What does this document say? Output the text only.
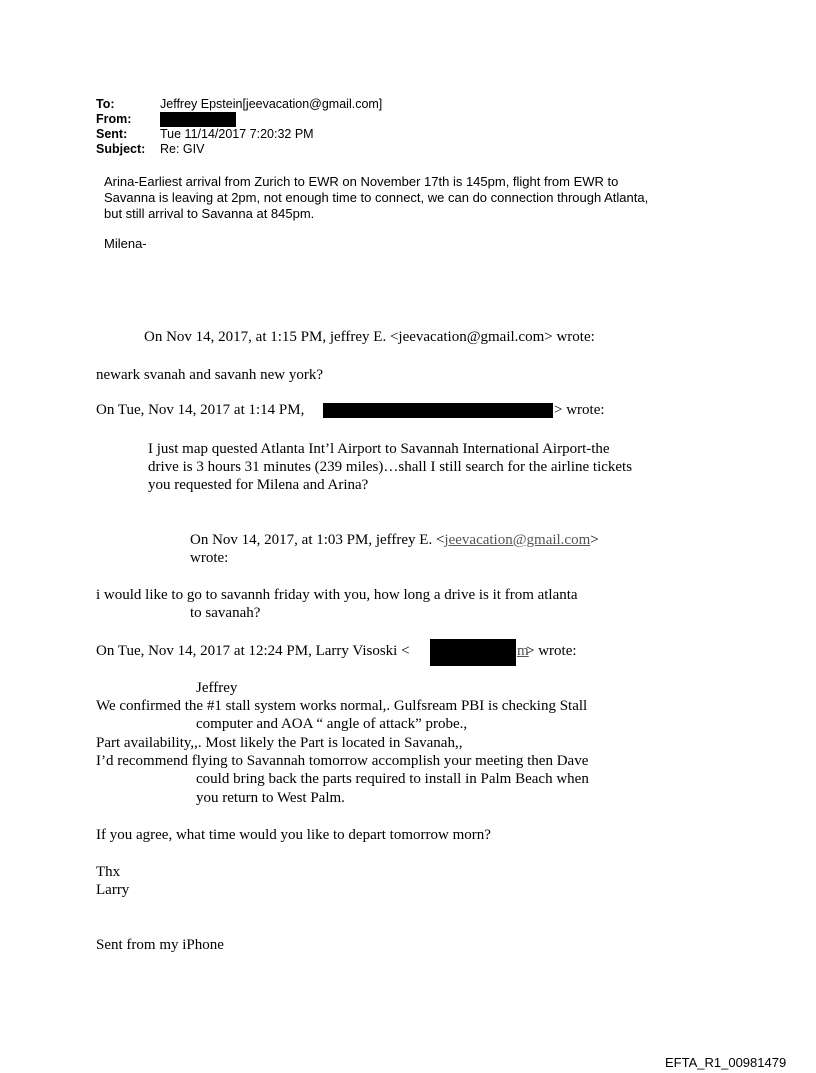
To:	Jeffrey Epstein[jeevacation@gmail.com]
From:
Sent:	Tue 11/14/2017 7:20:32 PM
Subject: Re: GIV
Arina-Earliest arrival from Zurich to EWR on November 17th is 145pm, flight from EWR to
Savanna is leaving at 2pm, not enough time to connect, we can do connection through Atlanta,
but still arrival to Savanna at 845pm.
Milena-
On Nov 14, 2017, at 1:15 PM, jeffrey E. <jeevacation@gmail.com> wrote:
newark svanah and savanh new york?
On Tue, Nov 14, 2017 at 1:14 PM,	> wrote:
I just map quested Atlanta Int’l Airport to Savannah International Airport-the
drive is 3 hours 31 minutes (239 miles)…shall I still search for the airline tickets
you requested for Milena and Arina?
On Nov 14, 2017, at 1:03 PM, jeffrey E. <jeevacation@gmail.com>
wrote:
i would like to go to savannh friday with you, how long a drive is it from atlanta
to savanah?
On Tue, Nov 14, 2017 at 12:24 PM, Larry Visoski <	m
> wrote:
Jeffrey
We confirmed the #1 stall system works normal,. Gulfsream PBI is checking Stall
computer and AOA “ angle of attack” probe.,
Part availability,,. Most likely the Part is located in Savanah,,
I’d recommend flying to Savannah tomorrow accomplish your meeting then Dave
could bring back the parts required to install in Palm Beach when
you return to West Palm.
If you agree, what time would you like to depart tomorrow morn?
Thx
Larry
Sent from my iPhone
EFTA_R1_00981479
